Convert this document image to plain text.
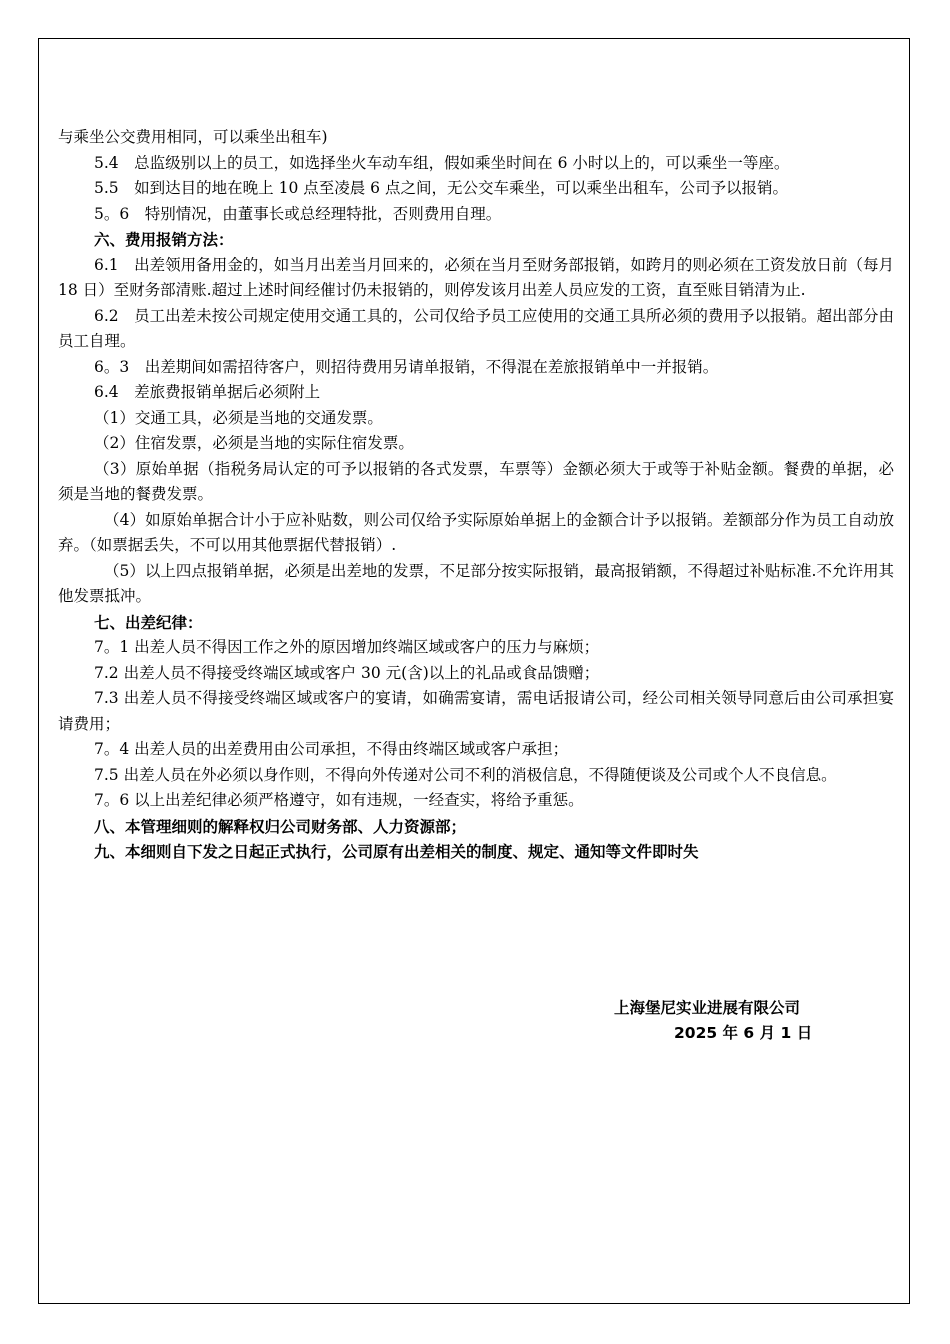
与乘坐公交费用相同，可以乘坐出租车)

5.4　总监级别以上的员工，如选择坐火车动车组，假如乘坐时间在 6 小时以上的，可以乘坐一等座。

5.5　如到达目的地在晚上 10 点至凌晨 6 点之间，无公交车乘坐，可以乘坐出租车，公司予以报销。

5。6　特别情况，由董事长或总经理特批，否则费用自理。

六、费用报销方法：

6.1　出差领用备用金的，如当月出差当月回来的，必须在当月至财务部报销，如跨月的则必须在工资发放日前（每月 18 日）至财务部清账.超过上述时间经催讨仍未报销的，则停发该月出差人员应发的工资，直至账目销清为止.

6.2　员工出差未按公司规定使用交通工具的，公司仅给予员工应使用的交通工具所必须的费用予以报销。超出部分由员工自理。

6。3　出差期间如需招待客户，则招待费用另请单报销，不得混在差旅报销单中一并报销。

6.4　差旅费报销单据后必须附上

（1）交通工具，必须是当地的交通发票。

（2）住宿发票，必须是当地的实际住宿发票。

（3）原始单据（指税务局认定的可予以报销的各式发票，车票等）金额必须大于或等于补贴金额。餐费的单据，必须是当地的餐费发票。

（4）如原始单据合计小于应补贴数，则公司仅给予实际原始单据上的金额合计予以报销。差额部分作为员工自动放弃。（如票据丢失，不可以用其他票据代替报销）.

（5）以上四点报销单据，必须是出差地的发票，不足部分按实际报销，最高报销额，不得超过补贴标准.不允许用其他发票抵冲。

七、出差纪律：

7。1 出差人员不得因工作之外的原因增加终端区域或客户的压力与麻烦；

7.2 出差人员不得接受终端区域或客户 30 元(含)以上的礼品或食品馈赠；

7.3 出差人员不得接受终端区域或客户的宴请，如确需宴请，需电话报请公司，经公司相关领导同意后由公司承担宴请费用；

7。4 出差人员的出差费用由公司承担，不得由终端区域或客户承担；

7.5 出差人员在外必须以身作则，不得向外传递对公司不利的消极信息，不得随便谈及公司或个人不良信息。

7。6 以上出差纪律必须严格遵守，如有违规，一经查实，将给予重惩。

八、本管理细则的解释权归公司财务部、人力资源部；

九、本细则自下发之日起正式执行，公司原有出差相关的制度、规定、通知等文件即时失

上海堡尼实业进展有限公司
2025 年 6 月 1 日
